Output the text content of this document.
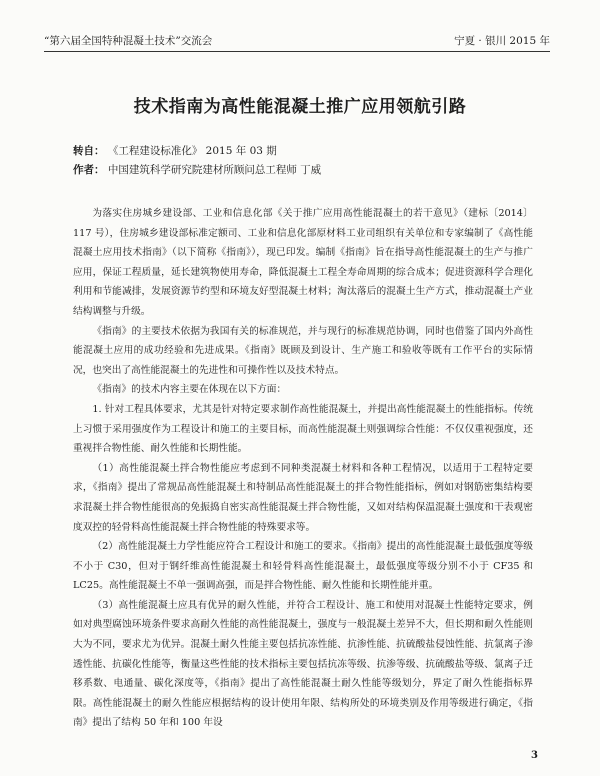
“第六届全国特种混凝土技术”交流会	宁夏 · 银川 2015 年
技术指南为高性能混凝土推广应用领航引路
转自： 《工程建设标准化》 2015 年 03 期
作者： 中国建筑科学研究院建材所顾问总工程师 丁威

为落实住房城乡建设部、工业和信息化部《关于推广应用高性能混凝土的若干意见》（建标〔2014〕117 号），住房城乡建设部标准定额司、工业和信息化部原材料工业司组织有关单位和专家编制了《高性能混凝土应用技术指南》（以下简称《指南》），现已印发。编制《指南》旨在指导高性能混凝土的生产与推广应用，保证工程质量，延长建筑物使用寿命，降低混凝土工程全寿命周期的综合成本；促进资源科学合理化利用和节能减排，发展资源节约型和环境友好型混凝土材料；淘汰落后的混凝土生产方式，推动混凝土产业结构调整与升级。

《指南》的主要技术依据为我国有关的标准规范，并与现行的标准规范协调，同时也借鉴了国内外高性能混凝土应用的成功经验和先进成果。《指南》既顾及到设计、生产施工和验收等既有工作平台的实际情况，也突出了高性能混凝土的先进性和可操作性以及技术特点。

《指南》的技术内容主要在体现在以下方面：

1. 针对工程具体要求，尤其是针对特定要求制作高性能混凝土，并提出高性能混凝土的性能指标。传统上习惯于采用强度作为工程设计和施工的主要目标，而高性能混凝土则强调综合性能：不仅仅重视强度，还重视拌合物性能、耐久性能和长期性能。

（1）高性能混凝土拌合物性能应考虑到不同种类混凝土材料和各种工程情况，以适用于工程特定要求，《指南》提出了常规品高性能混凝土和特制品高性能混凝土的拌合物性能指标，例如对钢筋密集结构要求混凝土拌合物性能很高的免振捣自密实高性能混凝土拌合物性能，又如对结构保温混凝土强度和干表观密度双控的轻骨料高性能混凝土拌合物性能的特殊要求等。

（2）高性能混凝土力学性能应符合工程设计和施工的要求。《指南》提出的高性能混凝土最低强度等级不小于 C30，但对于钢纤维高性能混凝土和轻骨料高性能混凝土，最低强度等级分别不小于 CF35 和 LC25。高性能混凝土不单一强调高强，而是拌合物性能、耐久性能和长期性能并重。

（3）高性能混凝土应具有优异的耐久性能，并符合工程设计、施工和使用对混凝土性能特定要求，例如对典型腐蚀环境条件要求高耐久性能的高性能混凝土，强度与一般混凝土差异不大，但长期和耐久性能则大为不同，要求尤为优异。混凝土耐久性能主要包括抗冻性能、抗渗性能、抗硫酸盐侵蚀性能、抗氯离子渗透性能、抗碳化性能等，衡量这些性能的技术指标主要包括抗冻等级、抗渗等级、抗硫酸盐等级、氯离子迁移系数、电通量、碳化深度等，《指南》提出了高性能混凝土耐久性能等级划分，界定了耐久性能指标界限。高性能混凝土的耐久性能应根据结构的设计使用年限、结构所处的环境类别及作用等级进行确定，《指南》提出了结构 50 年和 100 年设

3
